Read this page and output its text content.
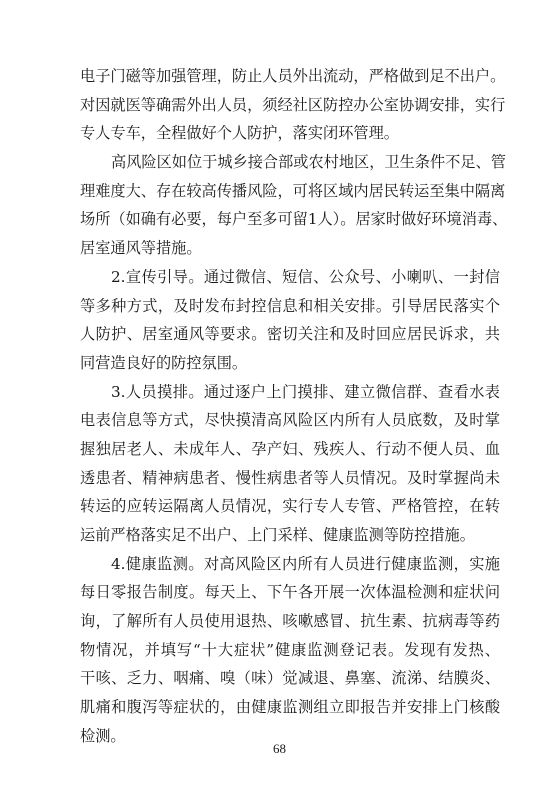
电子门磁等加强管理，防止人员外出流动，严格做到足不出户。
对因就医等确需外出人员，须经社区防控办公室协调安排，实行
专人专车，全程做好个人防护，落实闭环管理。
高风险区如位于城乡接合部或农村地区，卫生条件不足、管
理难度大、存在较高传播风险，可将区域内居民转运至集中隔离
场所（如确有必要，每户至多可留1人）。居家时做好环境消毒、
居室通风等措施。
2.宣传引导。通过微信、短信、公众号、小喇叭、一封信
等多种方式，及时发布封控信息和相关安排。引导居民落实个
人防护、居室通风等要求。密切关注和及时回应居民诉求，共
同营造良好的防控氛围。
3.人员摸排。通过逐户上门摸排、建立微信群、查看水表
电表信息等方式，尽快摸清高风险区内所有人员底数，及时掌
握独居老人、未成年人、孕产妇、残疾人、行动不便人员、血
透患者、精神病患者、慢性病患者等人员情况。及时掌握尚未
转运的应转运隔离人员情况，实行专人专管、严格管控，在转
运前严格落实足不出户、上门采样、健康监测等防控措施。
4.健康监测。对高风险区内所有人员进行健康监测，实施
每日零报告制度。每天上、下午各开展一次体温检测和症状问
询，了解所有人员使用退热、咳嗽感冒、抗生素、抗病毒等药
物情况，并填写“十大症状”健康监测登记表。发现有发热、
干咳、乏力、咽痛、嗅（味）觉减退、鼻塞、流涕、结膜炎、
肌痛和腹泻等症状的，由健康监测组立即报告并安排上门核酸
检测。
68
